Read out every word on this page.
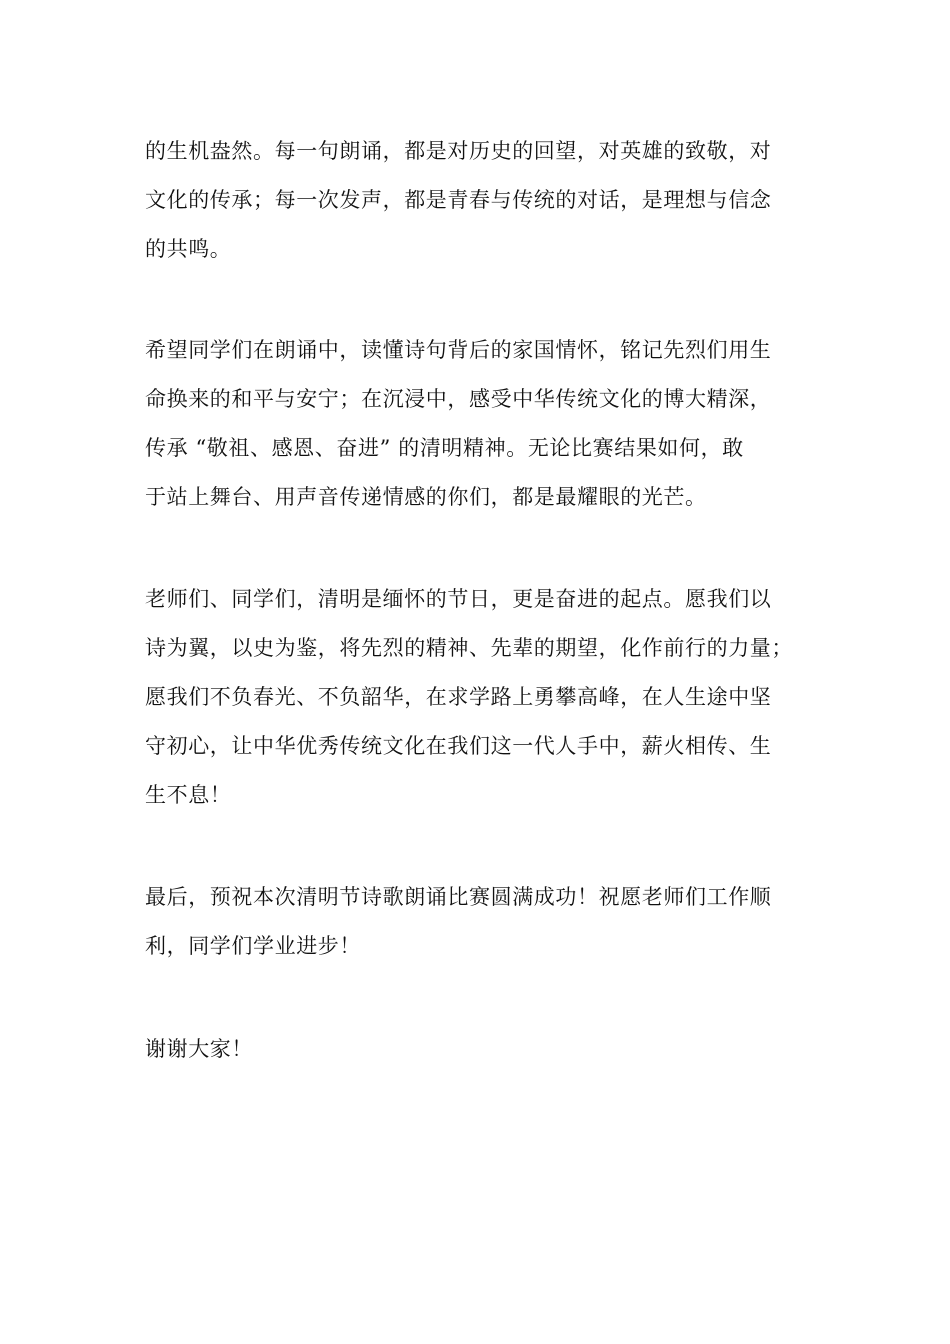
的生机盎然。每一句朗诵，都是对历史的回望，对英雄的致敬，对
文化的传承；每一次发声，都是青春与传统的对话，是理想与信念
的共鸣。

希望同学们在朗诵中，读懂诗句背后的家国情怀，铭记先烈们用生
命换来的和平与安宁；在沉浸中，感受中华传统文化的博大精深，
传承 “敬祖、感恩、奋进” 的清明精神。无论比赛结果如何，敢
于站上舞台、用声音传递情感的你们，都是最耀眼的光芒。

老师们、同学们，清明是缅怀的节日，更是奋进的起点。愿我们以
诗为翼，以史为鉴，将先烈的精神、先辈的期望，化作前行的力量；
愿我们不负春光、不负韶华，在求学路上勇攀高峰，在人生途中坚
守初心，让中华优秀传统文化在我们这一代人手中，薪火相传、生
生不息！

最后，预祝本次清明节诗歌朗诵比赛圆满成功！祝愿老师们工作顺
利，同学们学业进步！

谢谢大家！
